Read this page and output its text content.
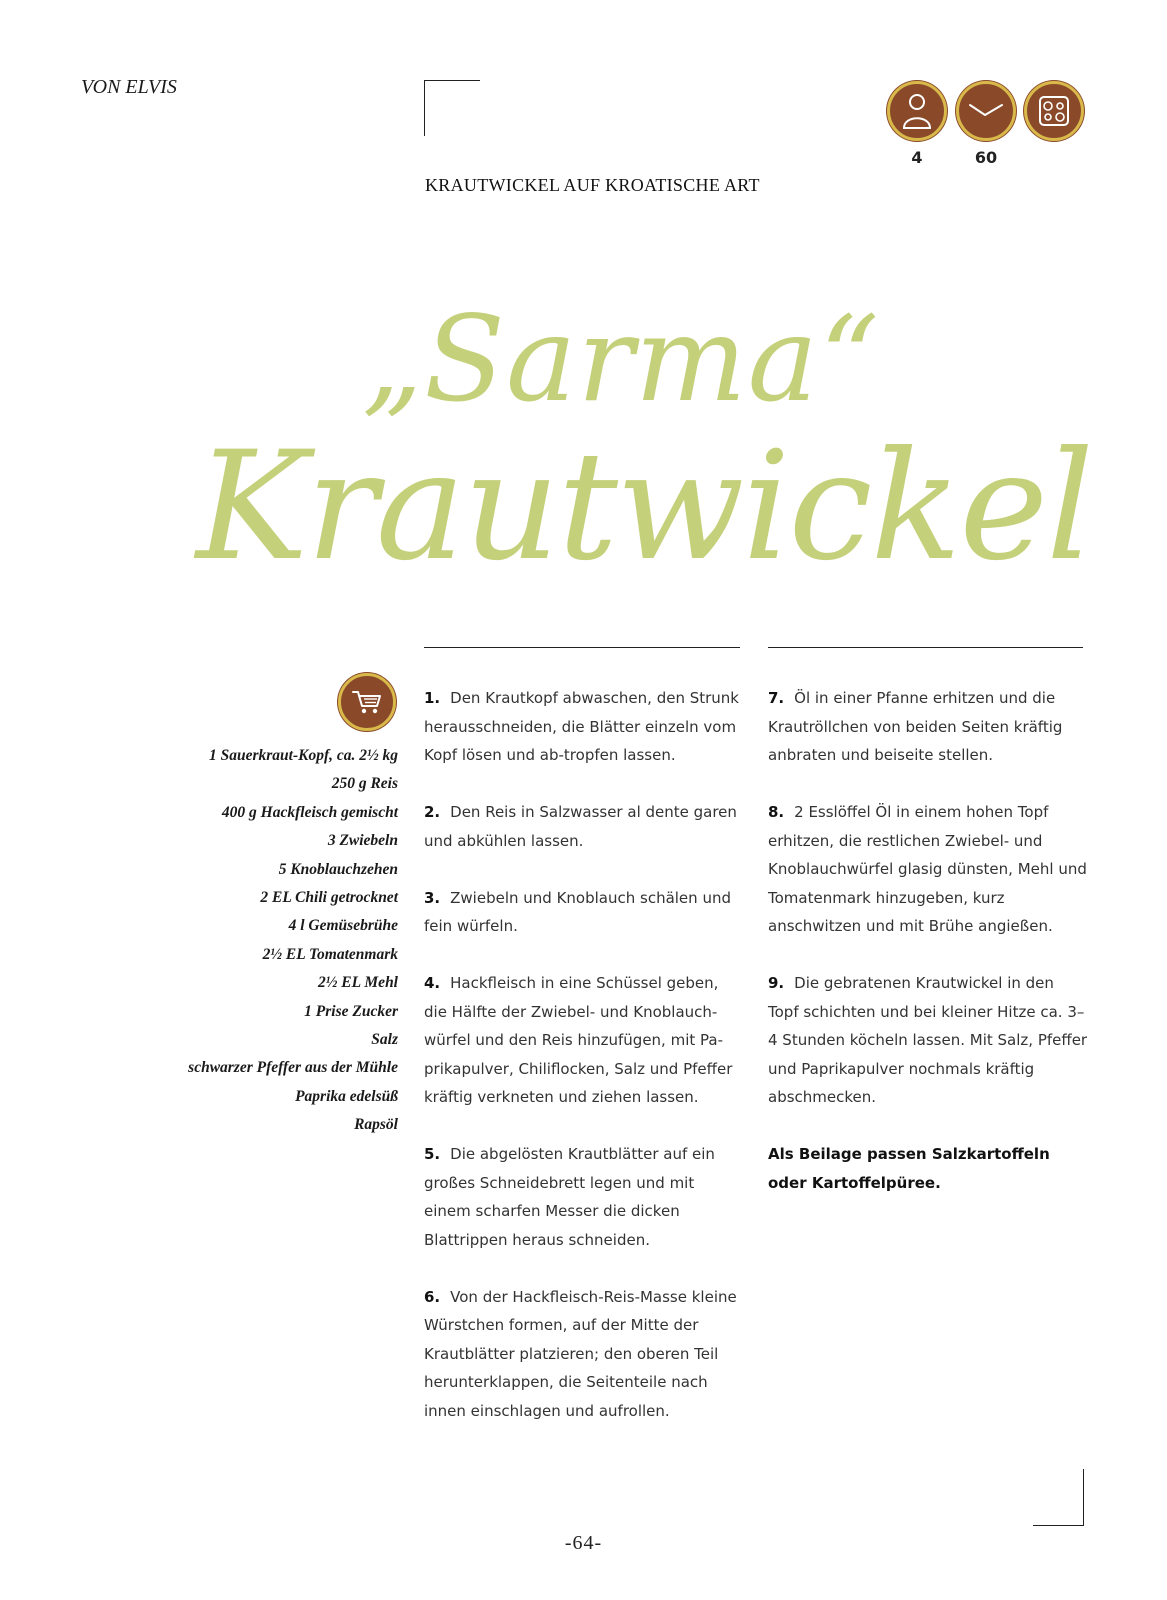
VON ELVIS
4	60
KRAUTWICKEL AUF KROATISCHE ART
„Sarma“
Krautwickel
1 Sauerkraut-Kopf, ca. 2½ kg
250 g Reis
400 g Hackfleisch gemischt
3 Zwiebeln
5 Knoblauchzehen
2 EL Chili getrocknet
4 l Gemüsebrühe
2½ EL Tomatenmark
2½ EL Mehl
1 Prise Zucker
Salz
schwarzer Pfeffer aus der Mühle
Paprika edelsüß
Rapsöl

1. Den Krautkopf abwaschen, den Strunk herausschneiden, die Blätter einzeln vom Kopf lösen und ab-tropfen lassen.

2. Den Reis in Salzwasser al dente garen und abkühlen lassen.

3. Zwiebeln und Knoblauch schälen und fein würfeln.

4. Hackfleisch in eine Schüssel geben, die Hälfte der Zwiebel- und Knoblauch-würfel und den Reis hinzufügen, mit Pa-prikapulver, Chiliflocken, Salz und Pfeffer kräftig verkneten und ziehen lassen.

5. Die abgelösten Krautblätter auf ein großes Schneidebrett legen und mit einem scharfen Messer die dicken Blattrippen heraus schneiden.

6. Von der Hackfleisch-Reis-Masse kleine Würstchen formen, auf der Mitte der Krautblätter platzieren; den oberen Teil herunterklappen, die Seitenteile nach innen einschlagen und aufrollen.

7. Öl in einer Pfanne erhitzen und die Krautröllchen von beiden Seiten kräftig anbraten und beiseite stellen.

8. 2 Esslöffel Öl in einem hohen Topf erhitzen, die restlichen Zwiebel- und Knoblauchwürfel glasig dünsten, Mehl und Tomatenmark hinzugeben, kurz anschwitzen und mit Brühe angießen.

9. Die gebratenen Krautwickel in den Topf schichten und bei kleiner Hitze ca. 3–4 Stunden köcheln lassen. Mit Salz, Pfeffer und Paprikapulver nochmals kräftig abschmecken.

Als Beilage passen Salzkartoffeln oder Kartoffelpüree.

-64-
